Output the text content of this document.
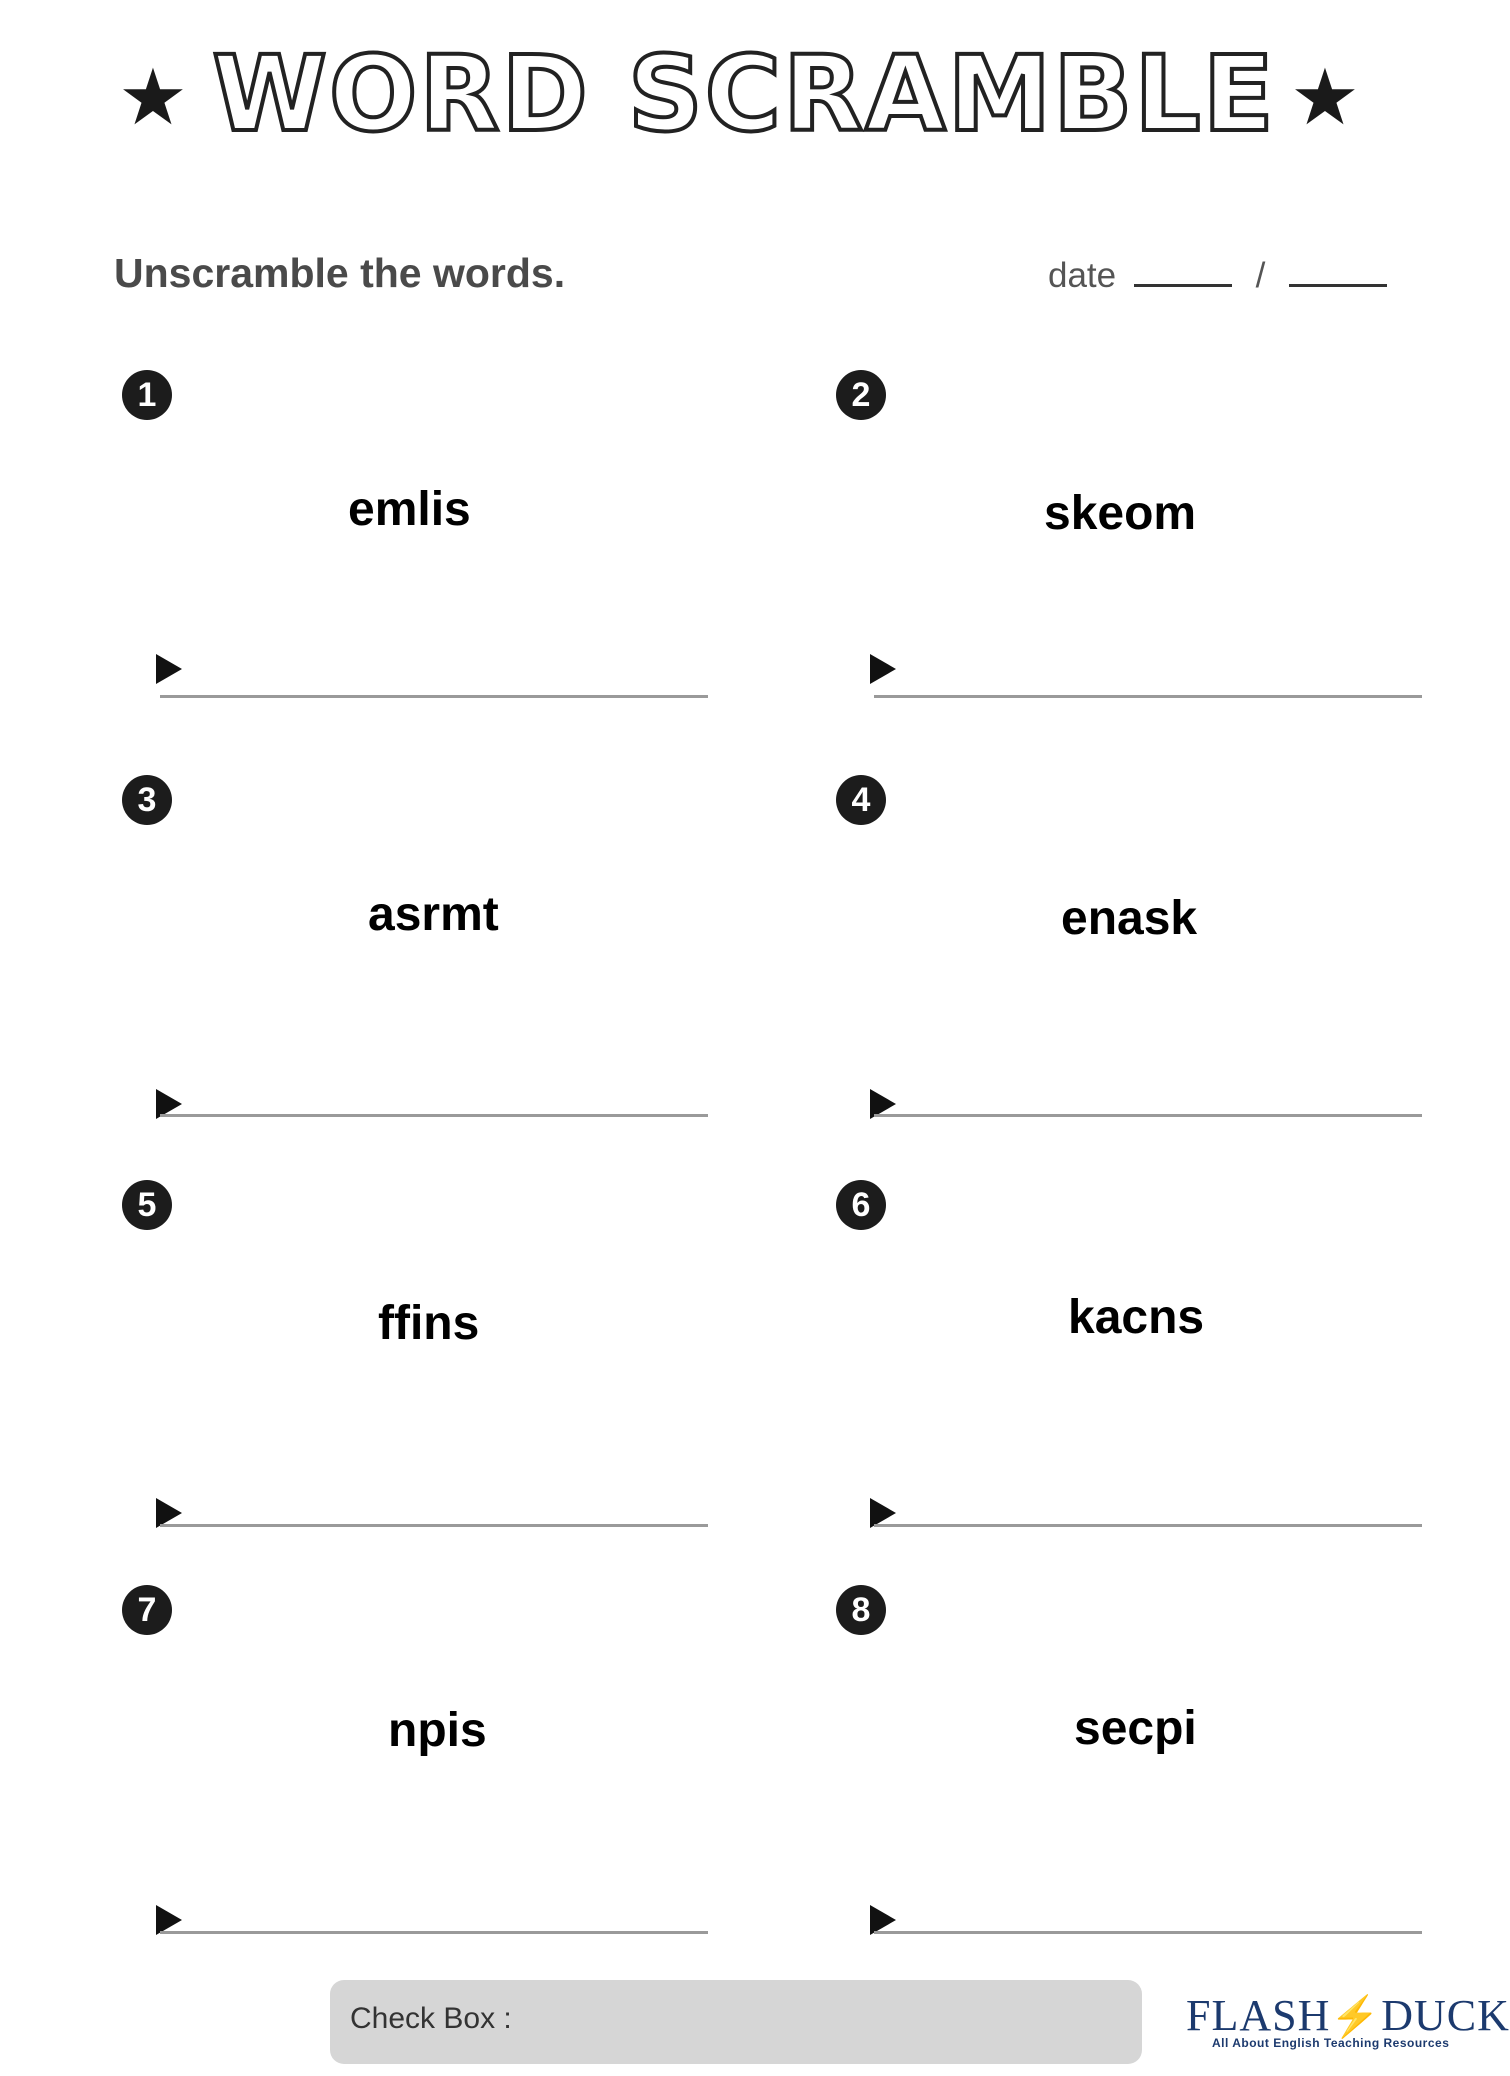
★ W O R D S C R A M B L E ★
Unscramble the words.	date	/
1
emlis
2
skeom
3
asrmt
4
enask
5
ffins
6
kacns
7
npis
8
secpi
Check Box :	FLASH⚡DUCK
All About English Teaching Resources
